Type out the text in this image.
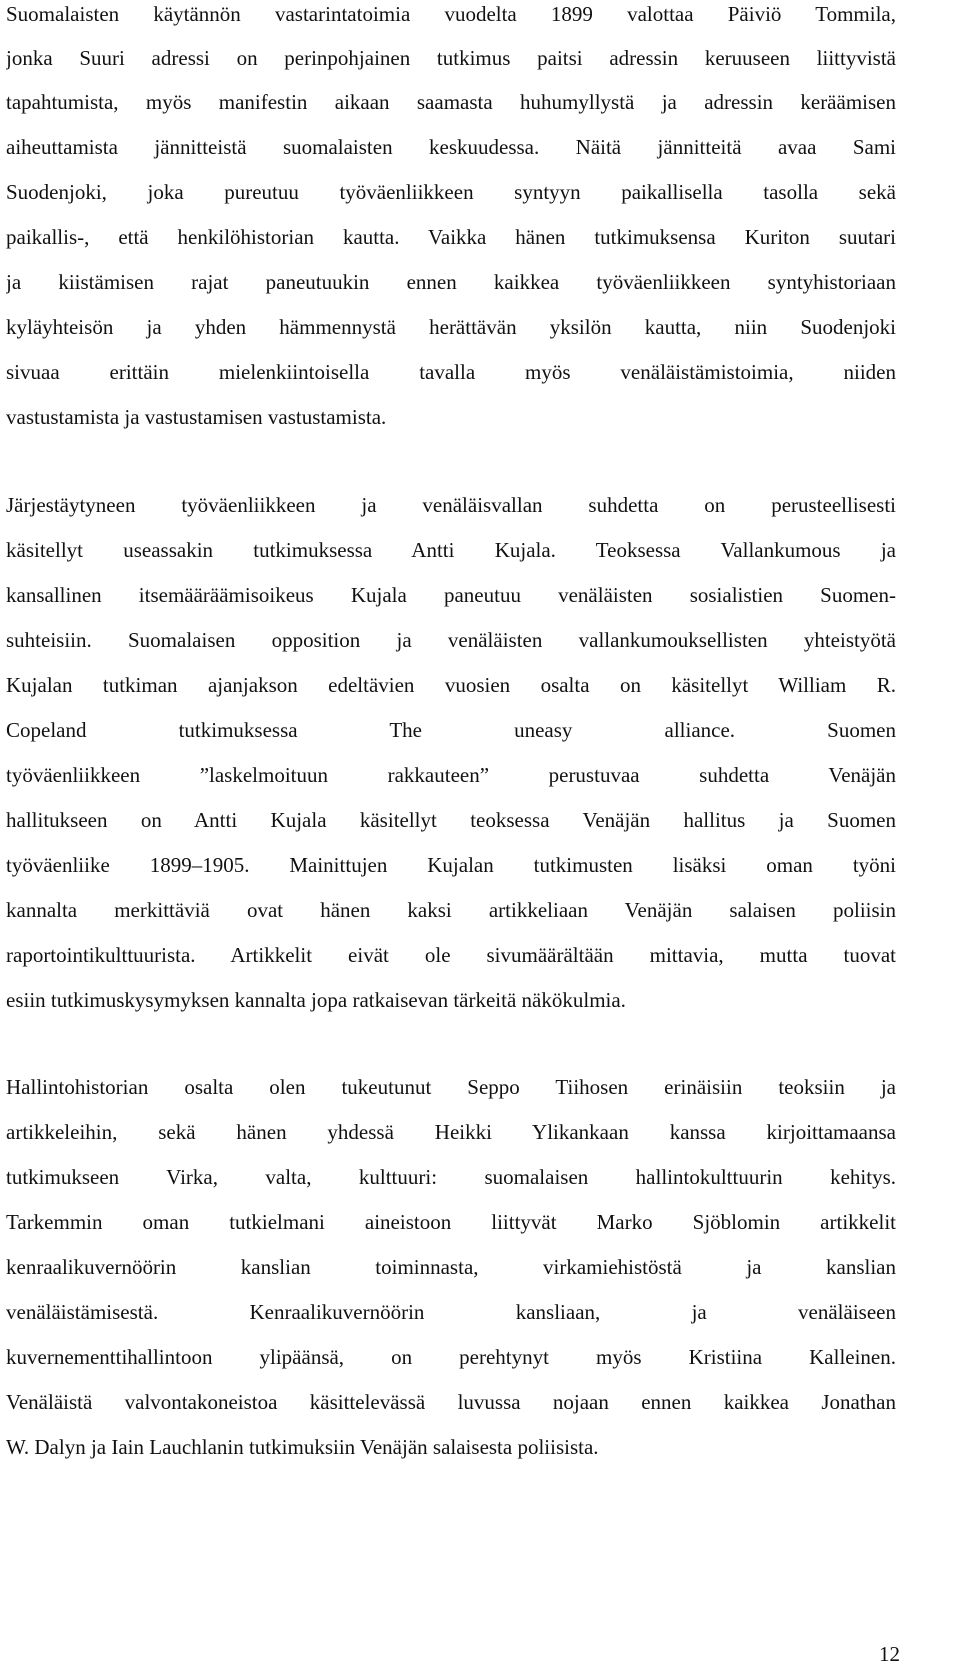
Suomalaisten käytännön vastarintatoimia vuodelta 1899 valottaa Päiviö Tommila,
jonka Suuri adressi on perinpohjainen tutkimus paitsi adressin keruuseen liittyvistä
tapahtumista, myös manifestin aikaan saamasta huhumyllystä ja adressin keräämisen
aiheuttamista jännitteistä suomalaisten keskuudessa. Näitä jännitteitä avaa Sami
Suodenjoki, joka pureutuu työväenliikkeen syntyyn paikallisella tasolla sekä
paikallis-, että henkilöhistorian kautta. Vaikka hänen tutkimuksensa Kuriton suutari
ja kiistämisen rajat paneutuukin ennen kaikkea työväenliikkeen syntyhistoriaan
kyläyhteisön ja yhden hämmennystä herättävän yksilön kautta, niin Suodenjoki
sivuaa erittäin mielenkiintoisella tavalla myös venäläistämistoimia, niiden
vastustamista ja vastustamisen vastustamista.
Järjestäytyneen työväenliikkeen ja venäläisvallan suhdetta on perusteellisesti
käsitellyt useassakin tutkimuksessa Antti Kujala. Teoksessa Vallankumous ja
kansallinen itsemääräämisoikeus Kujala paneutuu venäläisten sosialistien Suomen-
suhteisiin. Suomalaisen opposition ja venäläisten vallankumouksellisten yhteistyötä
Kujalan tutkiman ajanjakson edeltävien vuosien osalta on käsitellyt William R.
Copeland tutkimuksessa The uneasy alliance. Suomen
työväenliikkeen ”laskelmoituun rakkauteen” perustuvaa suhdetta Venäjän
hallitukseen on Antti Kujala käsitellyt teoksessa Venäjän hallitus ja Suomen
työväenliike 1899–1905. Mainittujen Kujalan tutkimusten lisäksi oman työni
kannalta merkittäviä ovat hänen kaksi artikkeliaan Venäjän salaisen poliisin
raportointikulttuurista. Artikkelit eivät ole sivumäärältään mittavia, mutta tuovat
esiin tutkimuskysymyksen kannalta jopa ratkaisevan tärkeitä näkökulmia.
Hallintohistorian osalta olen tukeutunut Seppo Tiihosen erinäisiin teoksiin ja
artikkeleihin, sekä hänen yhdessä Heikki Ylikankaan kanssa kirjoittamaansa
tutkimukseen Virka, valta, kulttuuri: suomalaisen hallintokulttuurin kehitys.
Tarkemmin oman tutkielmani aineistoon liittyvät Marko Sjöblomin artikkelit
kenraalikuvernöörin kanslian toiminnasta, virkamiehistöstä ja kanslian
venäläistämisestä. Kenraalikuvernöörin kansliaan, ja venäläiseen
kuvernementtihallintoon ylipäänsä, on perehtynyt myös Kristiina Kalleinen.
Venäläistä valvontakoneistoa käsittelevässä luvussa nojaan ennen kaikkea Jonathan
W. Dalyn ja Iain Lauchlanin tutkimuksiin Venäjän salaisesta poliisista.
12
